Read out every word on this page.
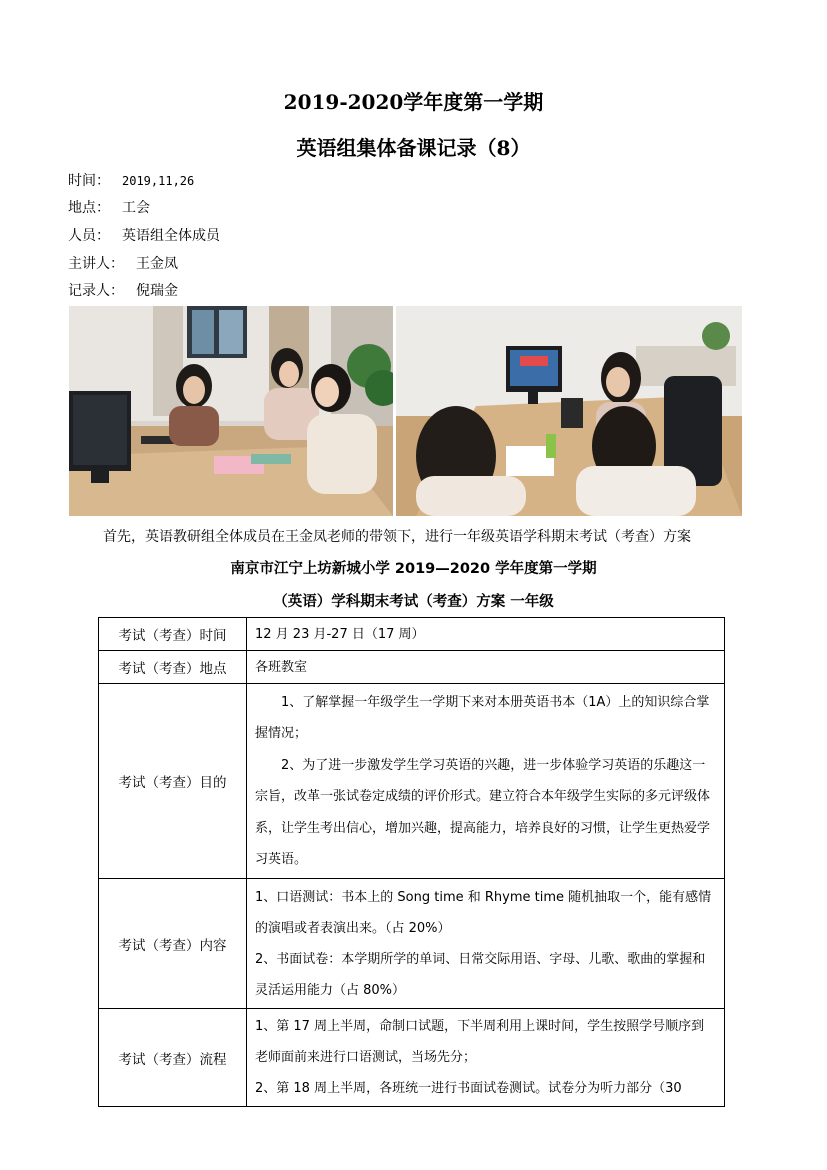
2019-2020学年度第一学期
英语组集体备课记录（8）
时间： 2019,11,26
地点： 工会
人员： 英语组全体成员
主讲人： 王金凤
记录人： 倪瑞金
首先，英语教研组全体成员在王金凤老师的带领下，进行一年级英语学科期末考试（考查）方案
南京市江宁上坊新城小学 2019—2020 学年度第一学期
（英语）学科期末考试（考查）方案 一年级
考试（考查）时间	12 月 23 月-27 日（17 周）

考试（考查）地点	各班教室

考试（考查）目的	1、了解掌握一年级学生一学期下来对本册英语书本（1A）上的知识综合掌握情况；

2、为了进一步激发学生学习英语的兴趣，进一步体验学习英语的乐趣这一宗旨，改革一张试卷定成绩的评价形式。建立符合本年级学生实际的多元评级体系，让学生考出信心，增加兴趣，提高能力，培养良好的习惯，让学生更热爱学习英语。

考试（考查）内容	1、口语测试：书本上的 Song time 和 Rhyme time 随机抽取一个，能有感情的演唱或者表演出来。（占 20%）

2、书面试卷：本学期所学的单词、日常交际用语、字母、儿歌、歌曲的掌握和灵活运用能力（占 80%）

考试（考查）流程	1、第 17 周上半周，命制口试题，下半周利用上课时间，学生按照学号顺序到老师面前来进行口语测试，当场先分；

2、第 18 周上半周，各班统一进行书面试卷测试。试卷分为听力部分（30
